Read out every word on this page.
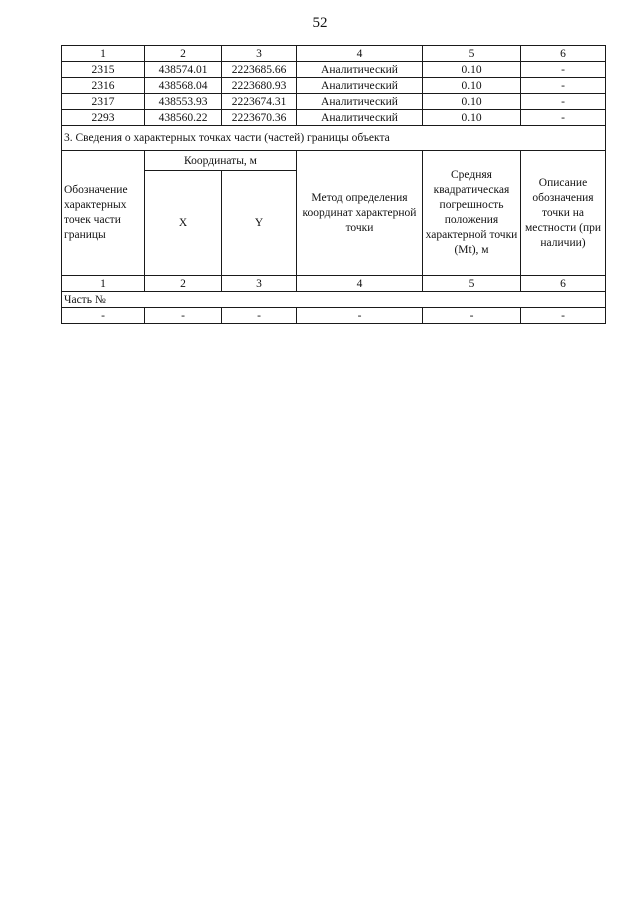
52
1	2	3	4	5	6
2315	438574.01	2223685.66	Аналитический	0.10	-
2316	438568.04	2223680.93	Аналитический	0.10	-
2317	438553.93	2223674.31	Аналитический	0.10	-
2293	438560.22	2223670.36	Аналитический	0.10	-
3. Сведения о характерных точках части (частей) границы объекта					
Обозначение характерных точек части границы	Координаты, м		Метод определения координат характерной точки	Средняя квадратическая погрешность положения характерной точки (Мt), м	Описание обозначения точки на местности (при наличии)
	X	Y			
1	2	3	4	5	6
Часть №					
-	-	-	-	-	-
